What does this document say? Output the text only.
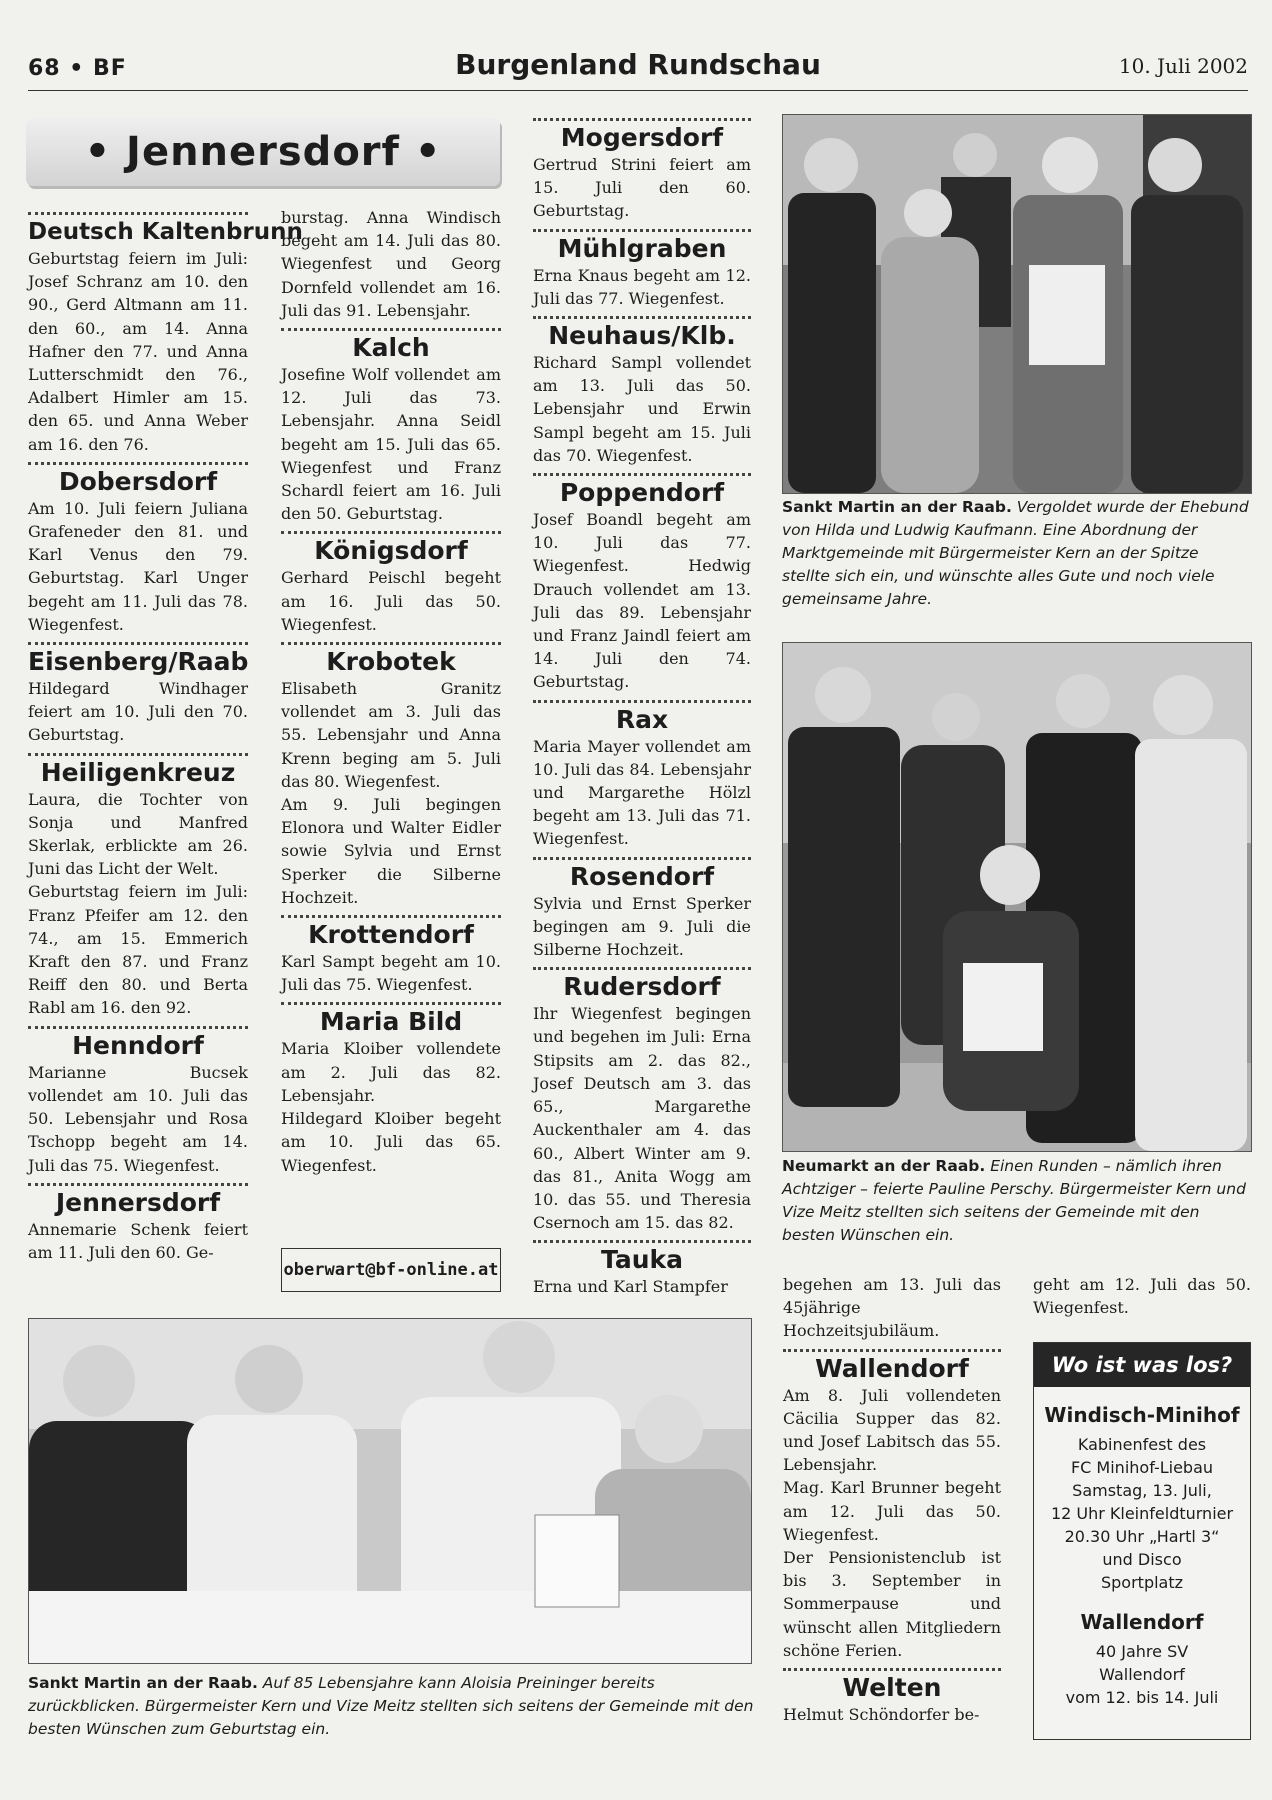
68 • BF	Burgenland Rundschau	10. Juli 2002
• Jennersdorf •
Deutsch Kaltenbrunn

Geburtstag feiern im Juli: Josef Schranz am 10. den 90., Gerd Altmann am 11. den 60., am 14. Anna Hafner den 77. und Anna Lutterschmidt den 76., Adalbert Himler am 15. den 65. und Anna Weber am 16. den 76.

Dobersdorf

Am 10. Juli feiern Juliana Grafeneder den 81. und Karl Venus den 79. Geburtstag. Karl Unger begeht am 11. Juli das 78. Wiegenfest.

Eisenberg/Raab

Hildegard Windhager feiert am 10. Juli den 70. Geburtstag.

Heiligenkreuz

Laura, die Tochter von Sonja und Manfred Skerlak, erblickte am 26. Juni das Licht der Welt.

Geburtstag feiern im Juli: Franz Pfeifer am 12. den 74., am 15. Emmerich Kraft den 87. und Franz Reiff den 80. und Berta Rabl am 16. den 92.

Henndorf

Marianne Bucsek vollendet am 10. Juli das 50. Lebensjahr und Rosa Tschopp begeht am 14. Juli das 75. Wiegenfest.

Jennersdorf

Annemarie Schenk feiert am 11. Juli den 60. Ge-

burstag. Anna Windisch begeht am 14. Juli das 80. Wiegenfest und Georg Dornfeld vollendet am 16. Juli das 91. Lebensjahr.

Kalch

Josefine Wolf vollendet am 12. Juli das 73. Lebensjahr. Anna Seidl begeht am 15. Juli das 65. Wiegenfest und Franz Schardl feiert am 16. Juli den 50. Geburtstag.

Königsdorf

Gerhard Peischl begeht am 16. Juli das 50. Wiegenfest.

Krobotek

Elisabeth Granitz vollendet am 3. Juli das 55. Lebensjahr und Anna Krenn beging am 5. Juli das 80. Wiegenfest.

Am 9. Juli begingen Elonora und Walter Eidler sowie Sylvia und Ernst Sperker die Silberne Hochzeit.

Krottendorf

Karl Sampt begeht am 10. Juli das 75. Wiegenfest.

Maria Bild

Maria Kloiber vollendete am 2. Juli das 82. Lebensjahr.

Hildegard Kloiber begeht am 10. Juli das 65. Wiegenfest.

oberwart@bf-online.at
Mogersdorf

Gertrud Strini feiert am 15. Juli den 60. Geburtstag.

Mühlgraben

Erna Knaus begeht am 12. Juli das 77. Wiegenfest.

Neuhaus/Klb.

Richard Sampl vollendet am 13. Juli das 50. Lebensjahr und Erwin Sampl begeht am 15. Juli das 70. Wiegenfest.

Poppendorf

Josef Boandl begeht am 10. Juli das 77. Wiegenfest. Hedwig Drauch vollendet am 13. Juli das 89. Lebensjahr und Franz Jaindl feiert am 14. Juli den 74. Geburtstag.

Rax

Maria Mayer vollendet am 10. Juli das 84. Lebensjahr und Margarethe Hölzl begeht am 13. Juli das 71. Wiegenfest.

Rosendorf

Sylvia und Ernst Sperker begingen am 9. Juli die Silberne Hochzeit.

Rudersdorf

Ihr Wiegenfest begingen und begehen im Juli: Erna Stipsits am 2. das 82., Josef Deutsch am 3. das 65., Margarethe Auckenthaler am 4. das 60., Albert Winter am 9. das 81., Anita Wogg am 10. das 55. und Theresia Csernoch am 15. das 82.

Tauka

Erna und Karl Stampfer

Sankt Martin an der Raab. Vergoldet wurde der Ehebund von Hilda und Ludwig Kaufmann. Eine Abordnung der Marktgemeinde mit Bürgermeister Kern an der Spitze stellte sich ein, und wünschte alles Gute und noch viele gemeinsame Jahre.
Neumarkt an der Raab. Einen Runden – nämlich ihren Achtziger – feierte Pauline Perschy. Bürgermeister Kern und Vize Meitz stellten sich seitens der Gemeinde mit den besten Wünschen ein.

begehen am 13. Juli das 45jährige Hochzeitsjubiläum.

Wallendorf

Am 8. Juli vollendeten Cäcilia Supper das 82. und Josef Labitsch das 55. Lebensjahr.

Mag. Karl Brunner begeht am 12. Juli das 50. Wiegenfest.

Der Pensionistenclub ist bis 3. September in Sommerpause und wünscht allen Mitgliedern schöne Ferien.

Welten

Helmut Schöndorfer be-

geht am 12. Juli das 50. Wiegenfest.

Wo ist was los?
Windisch-Minihof
Kabinenfest des
FC Minihof-Liebau
Samstag, 13. Juli,
12 Uhr Kleinfeldturnier
20.30 Uhr „Hartl 3“
und Disco
Sportplatz
Wallendorf
40 Jahre SV
Wallendorf
vom 12. bis 14. Juli
Sankt Martin an der Raab. Auf 85 Lebensjahre kann Aloisia Preininger bereits zurückblicken. Bürgermeister Kern und Vize Meitz stellten sich seitens der Gemeinde mit den besten Wünschen zum Geburtstag ein.
